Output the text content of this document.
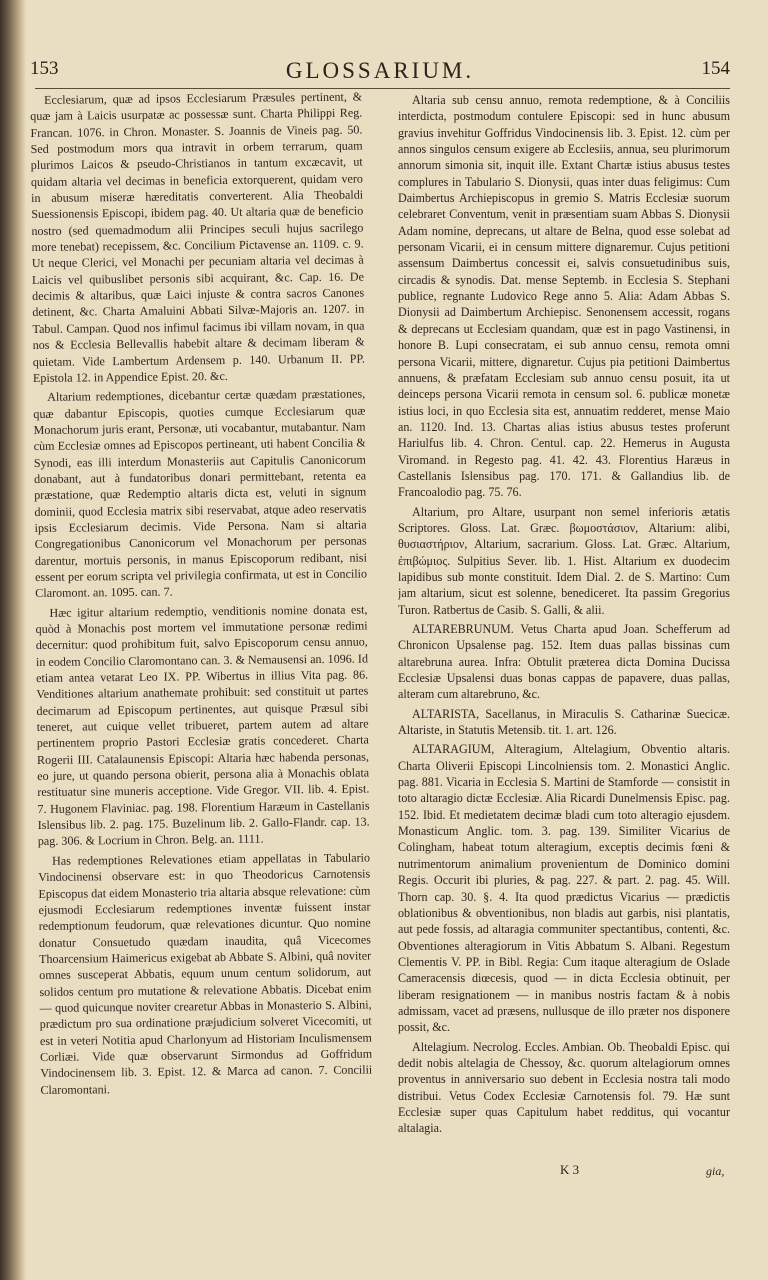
153	GLOSSARIUM.	154

Ecclesiarum, quæ ad ipsos Ecclesiarum Præsules pertinent, & quæ jam à Laicis usurpatæ ac possessæ sunt. Charta Philippi Reg. Francan. 1076. in Chron. Monaster. S. Joannis de Vineis pag. 50. Sed postmodum mors qua intravit in orbem terrarum, quam plurimos Laicos & pseudo-Christianos in tantum excæcavit, ut quidam altaria vel decimas in beneficia extorquerent, quidam vero in abusum miseræ hæreditatis converterent. Alia Theobaldi Suessionensis Episcopi, ibidem pag. 40. Ut altaria quæ de beneficio nostro (sed quemadmodum alii Principes seculi hujus sacrilego more tenebat) recepissem, &c. Concilium Pictavense an. 1109. c. 9. Ut neque Clerici, vel Monachi per pecuniam altaria vel decimas à Laicis vel quibuslibet personis sibi acquirant, &c. Cap. 16. De decimis & altaribus, quæ Laici injuste & contra sacros Canones detinent, &c. Charta Amaluini Abbati Silvæ-Majoris an. 1207. in Tabul. Campan. Quod nos infimul facimus ibi villam novam, in qua nos & Ecclesia Bellevallis habebit altare & decimam liberam & quietam. Vide Lambertum Ardensem p. 140. Urbanum II. PP. Epistola 12. in Appendice Epist. 20. &c.

Altarium redemptiones, dicebantur certæ quædam præstationes, quæ dabantur Episcopis, quoties cumque Ecclesiarum quæ Monachorum juris erant, Personæ, uti vocabantur, mutabantur. Nam cùm Ecclesiæ omnes ad Episcopos pertineant, uti habent Concilia & Synodi, eas illi interdum Monasteriis aut Capitulis Canonicorum donabant, aut à fundatoribus donari permittebant, retenta ea præstatione, quæ Redemptio altaris dicta est, veluti in signum dominii, quod Ecclesia matrix sibi reservabat, atque adeo reservatis ipsis Ecclesiarum decimis. Vide Persona. Nam si altaria Congregationibus Canonicorum vel Monachorum per personas darentur, mortuis personis, in manus Episcoporum redibant, nisi essent per eorum scripta vel privilegia confirmata, ut est in Concilio Claromont. an. 1095. can. 7.

Hæc igitur altarium redemptio, venditionis nomine donata est, quòd à Monachis post mortem vel immutatione personæ redimi decernitur: quod prohibitum fuit, salvo Episcoporum censu annuo, in eodem Concilio Claromontano can. 3. & Nemausensi an. 1096. Id etiam antea vetarat Leo IX. PP. Wibertus in illius Vita pag. 86. Venditiones altarium anathemate prohibuit: sed constituit ut partes decimarum ad Episcopum pertinentes, aut quisque Præsul sibi teneret, aut cuique vellet tribueret, partem autem ad altare pertinentem proprio Pastori Ecclesiæ gratis concederet. Charta Rogerii III. Catalaunensis Episcopi: Altaria hæc habenda personas, eo jure, ut quando persona obierit, persona alia à Monachis oblata restituatur sine muneris acceptione. Vide Gregor. VII. lib. 4. Epist. 7. Hugonem Flaviniac. pag. 198. Florentium Haræum in Castellanis Islensibus lib. 2. pag. 175. Buzelinum lib. 2. Gallo-Flandr. cap. 13. pag. 306. & Locrium in Chron. Belg. an. 1111.

Has redemptiones Relevationes etiam appellatas in Tabulario Vindocinensi observare est: in quo Theodoricus Carnotensis Episcopus dat eidem Monasterio tria altaria absque relevatione: cùm ejusmodi Ecclesiarum redemptiones inventæ fuissent instar redemptionum feudorum, quæ relevationes dicuntur. Quo nomine donatur Consuetudo quædam inaudita, quâ Vicecomes Thoarcensium Haimericus exigebat ab Abbate S. Albini, quâ noviter omnes susceperat Abbatis, equum unum centum solidorum, aut solidos centum pro mutatione & relevatione Abbatis. Dicebat enim — quod quicunque noviter crearetur Abbas in Monasterio S. Albini, prædictum pro sua ordinatione præjudicium solveret Vicecomiti, ut est in veteri Notitia apud Charlonyum ad Historiam Inculismensem Corliæi. Vide quæ observarunt Sirmondus ad Goffridum Vindocinensem lib. 3. Epist. 12. & Marca ad canon. 7. Concilii Claromontani.

Altaria sub censu annuo, remota redemptione, & à Conciliis interdicta, postmodum contulere Episcopi: sed in hunc abusum gravius invehitur Goffridus Vindocinensis lib. 3. Epist. 12. cùm per annos singulos censum exigere ab Ecclesiis, annua, seu plurimorum annorum simonia sit, inquit ille. Extant Chartæ istius abusus testes complures in Tabulario S. Dionysii, quas inter duas feligimus: Cum Daimbertus Archiepiscopus in gremio S. Matris Ecclesiæ suorum celebraret Conventum, venit in præsentiam suam Abbas S. Dionysii Adam nomine, deprecans, ut altare de Belna, quod esse solebat ad personam Vicarii, ei in censum mittere dignaremur. Cujus petitioni assensum Daimbertus concessit ei, salvis consuetudinibus suis, circadis & synodis. Dat. mense Septemb. in Ecclesia S. Stephani publice, regnante Ludovico Rege anno 5. Alia: Adam Abbas S. Dionysii ad Daimbertum Archiepisc. Senonensem accessit, rogans & deprecans ut Ecclesiam quandam, quæ est in pago Vastinensi, in honore B. Lupi consecratam, ei sub annuo censu, remota omni persona Vicarii, mittere, dignaretur. Cujus pia petitioni Daimbertus annuens, & præfatam Ecclesiam sub annuo censu posuit, ita ut deinceps persona Vicarii remota in censum sol. 6. publicæ monetæ istius loci, in quo Ecclesia sita est, annuatim redderet, mense Maio an. 1120. Ind. 13. Chartas alias istius abusus testes proferunt Hariulfus lib. 4. Chron. Centul. cap. 22. Hemerus in Augusta Viromand. in Regesto pag. 41. 42. 43. Florentius Haræus in Castellanis Islensibus pag. 170. 171. & Gallandius lib. de Francoalodio pag. 75. 76.

Altarium, pro Altare, usurpant non semel inferioris ætatis Scriptores. Gloss. Lat. Græc. βωμοστάσιον, Altarium: alibi, θυσιαστήριον, Altarium, sacrarium. Gloss. Lat. Græc. Altarium, ἐπιβώμιος. Sulpitius Sever. lib. 1. Hist. Altarium ex duodecim lapidibus sub monte constituit. Idem Dial. 2. de S. Martino: Cum jam altarium, sicut est solenne, benediceret. Ita passim Gregorius Turon. Ratbertus de Casib. S. Galli, & alii.

ALTAREBRUNUM. Vetus Charta apud Joan. Schefferum ad Chronicon Upsalense pag. 152. Item duas pallas bissinas cum altarebruna aurea. Infra: Obtulit præterea dicta Domina Ducissa Ecclesiæ Upsalensi duas bonas cappas de papavere, duas pallas, alteram cum altarebruno, &c.

ALTARISTA, Sacellanus, in Miraculis S. Catharinæ Suecicæ. Altariste, in Statutis Metensib. tit. 1. art. 126.

ALTARAGIUM, Alteragium, Altelagium, Obventio altaris. Charta Oliverii Episcopi Lincolniensis tom. 2. Monastici Anglic. pag. 881. Vicaria in Ecclesia S. Martini de Stamforde — consistit in toto altaragio dictæ Ecclesiæ. Alia Ricardi Dunelmensis Episc. pag. 152. Ibid. Et medietatem decimæ bladi cum toto alteragio ejusdem. Monasticum Anglic. tom. 3. pag. 139. Similiter Vicarius de Colingham, habeat totum alteragium, exceptis decimis fœni & nutrimentorum animalium provenientum de Dominico domini Regis. Occurit ibi pluries, & pag. 227. & part. 2. pag. 45. Will. Thorn cap. 30. §. 4. Ita quod prædictus Vicarius — prædictis oblationibus & obventionibus, non bladis aut garbis, nisi plantatis, aut pede fossis, ad altaragia communiter spectantibus, contenti, &c. Obventiones alteragiorum in Vitis Abbatum S. Albani. Regestum Clementis V. PP. in Bibl. Regia: Cum itaque alteragium de Oslade Cameracensis diœcesis, quod — in dicta Ecclesia obtinuit, per liberam resignationem — in manibus nostris factam & à nobis admissam, vacet ad præsens, nullusque de illo præter nos disponere possit, &c.

Altelagium. Necrolog. Eccles. Ambian. Ob. Theobaldi Episc. qui dedit nobis altelagia de Chessoy, &c. quorum altelagiorum omnes proventus in anniversario suo debent in Ecclesia nostra tali modo distribui. Vetus Codex Ecclesiæ Carnotensis fol. 79. Hæ sunt Ecclesiæ super quas Capitulum habet redditus, qui vocantur altalagia.

K 3	gia,
